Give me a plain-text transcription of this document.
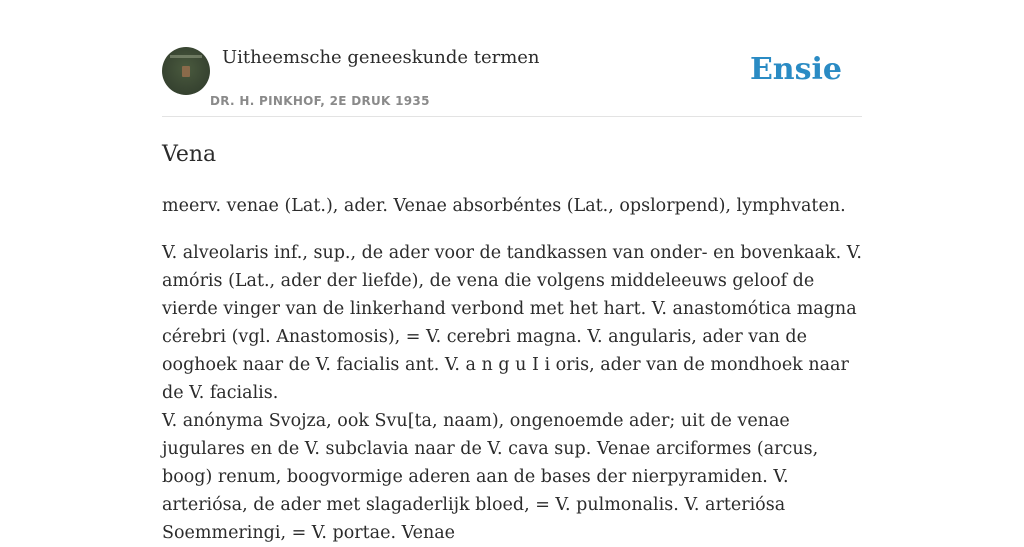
Uitheemsche geneeskunde termen
DR. H. PINKHOF, 2E DRUK 1935
Ensie
Vena

meerv. venae (Lat.), ader. Venae absorbéntes (Lat., opslorpend), lymphvaten.

V. alveolaris inf., sup., de ader voor de tandkassen van onder- en bovenkaak. V. amóris (Lat., ader der liefde), de vena die volgens middeleeuws geloof de vierde vinger van de linkerhand verbond met het hart. V. anastomótica magna cérebri (vgl. Anastomosis), = V. cerebri magna. V. angularis, ader van de ooghoek naar de V. facialis ant. V. a n g u I i oris, ader van de mondhoek naar de V. facialis.

V. anónyma Svojza, ook Svu[ta, naam), ongenoemde ader; uit de venae jugulares en de V. subclavia naar de V. cava sup. Venae arciformes (arcus, boog) renum, boogvormige aderen aan de bases der nierpyramiden. V. arteriósa, de ader met slagaderlijk bloed, = V. pulmonalis. V. arteriósa Soemmeringi, = V. portae. Venae
